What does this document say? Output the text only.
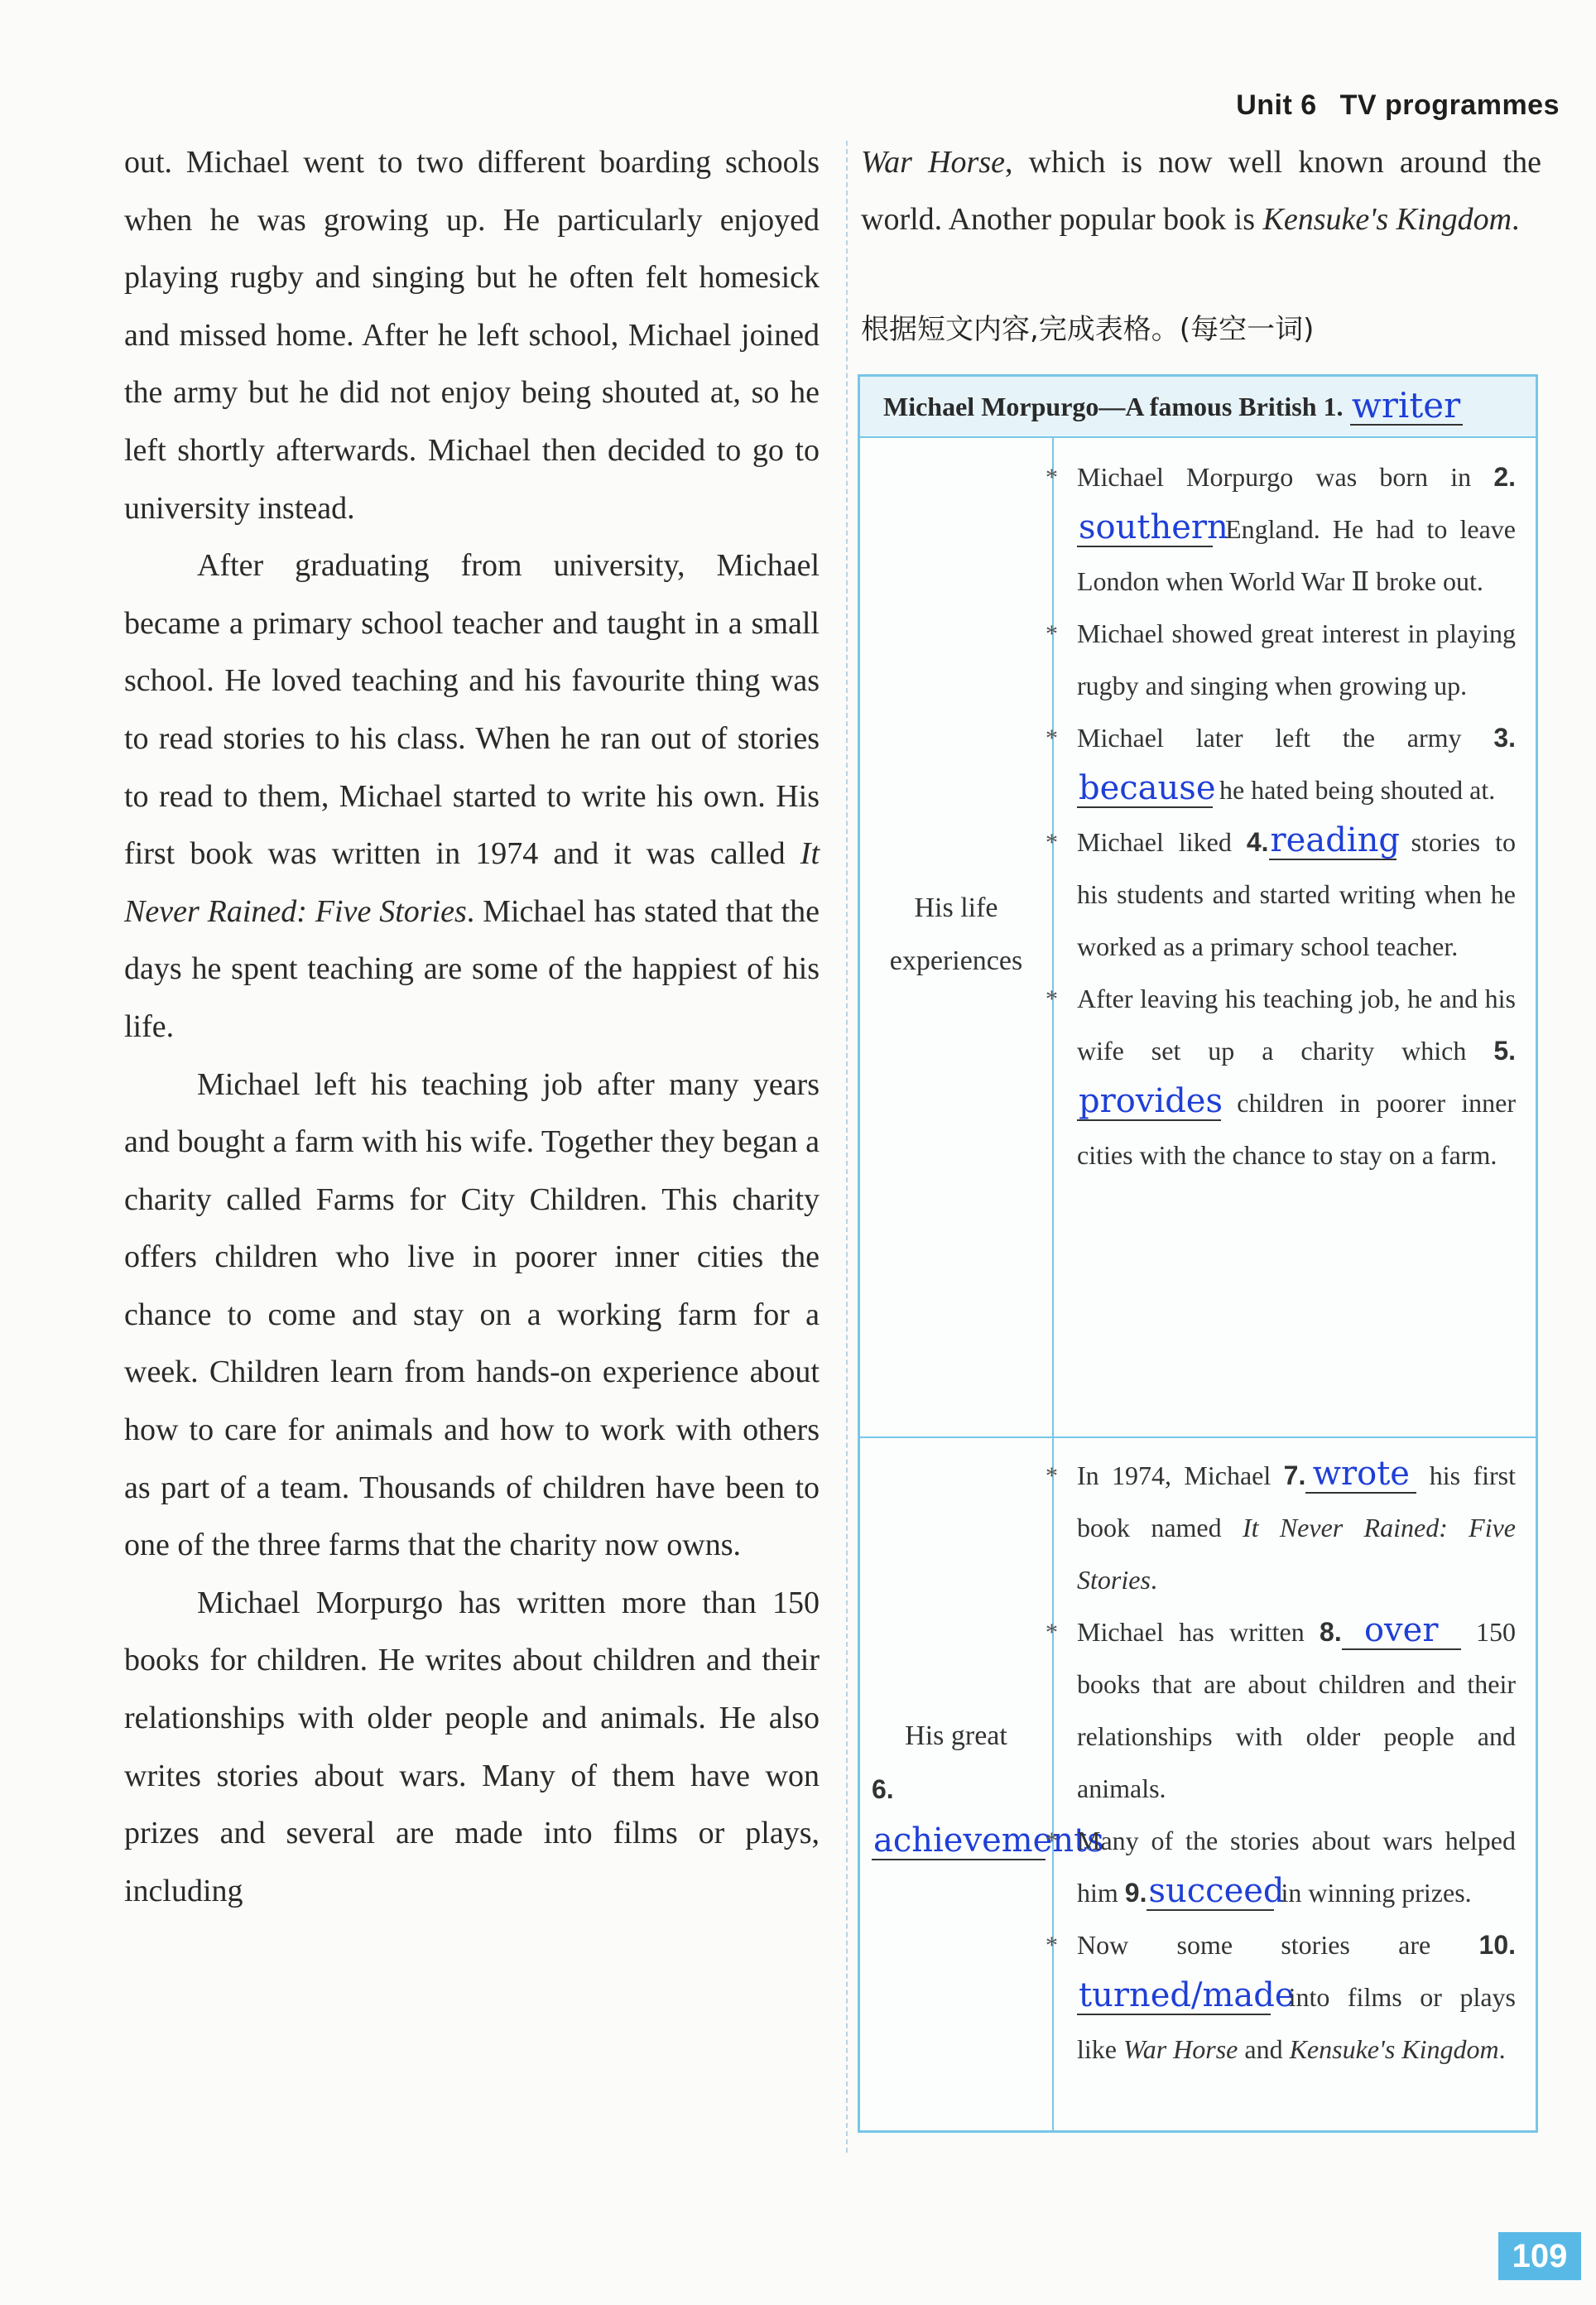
Unit 6 TV programmes

out. Michael went to two different boarding schools when he was growing up. He particularly enjoyed playing rugby and singing but he often felt homesick and missed home. After he left school, Michael joined the army but he did not enjoy being shouted at, so he left shortly afterwards. Michael then decided to go to university instead.

After graduating from university, Michael became a primary school teacher and taught in a small school. He loved teaching and his favourite thing was to read stories to his class. When he ran out of stories to read to them, Michael started to write his own. His first book was written in 1974 and it was called It Never Rained: Five Stories. Michael has stated that the days he spent teaching are some of the happiest of his life.

Michael left his teaching job after many years and bought a farm with his wife. Together they began a charity called Farms for City Children. This charity offers children who live in poorer inner cities the chance to come and stay on a working farm for a week. Children learn from hands-on experience about how to care for animals and how to work with others as part of a team. Thousands of children have been to one of the three farms that the charity now owns.

Michael Morpurgo has written more than 150 books for children. He writes about children and their relationships with older people and animals. He also writes stories about wars. Many of them have won prizes and several are made into films or plays, including

War Horse, which is now well known around the world. Another popular book is Kensuke's Kingdom.

根据短文内容,完成表格。(每空一词)
Michael Morpurgo—A famous British 1. writer
His life experiences
* Michael Morpurgo was born in 2.southern England. He had to leave London when World War Ⅱ broke out.
* Michael showed great interest in playing rugby and singing when growing up.
* Michael later left the army 3.because he hated being shouted at.
* Michael liked 4.reading stories to his students and started writing when he worked as a primary school teacher.
* After leaving his teaching job, he and his wife set up a charity which 5.provides children in poorer inner cities with the chance to stay on a farm.
His great
6.achievements
* In 1974, Michael 7. wrote his first book named It Never Rained: Five Stories.
* Michael has written 8. over 150 books that are about children and their relationships with older people and animals.
* Many of the stories about wars helped him 9.succeed in winning prizes.
* Now some stories are 10.turned/made into films or plays like War Horse and Kensuke's Kingdom.
109
